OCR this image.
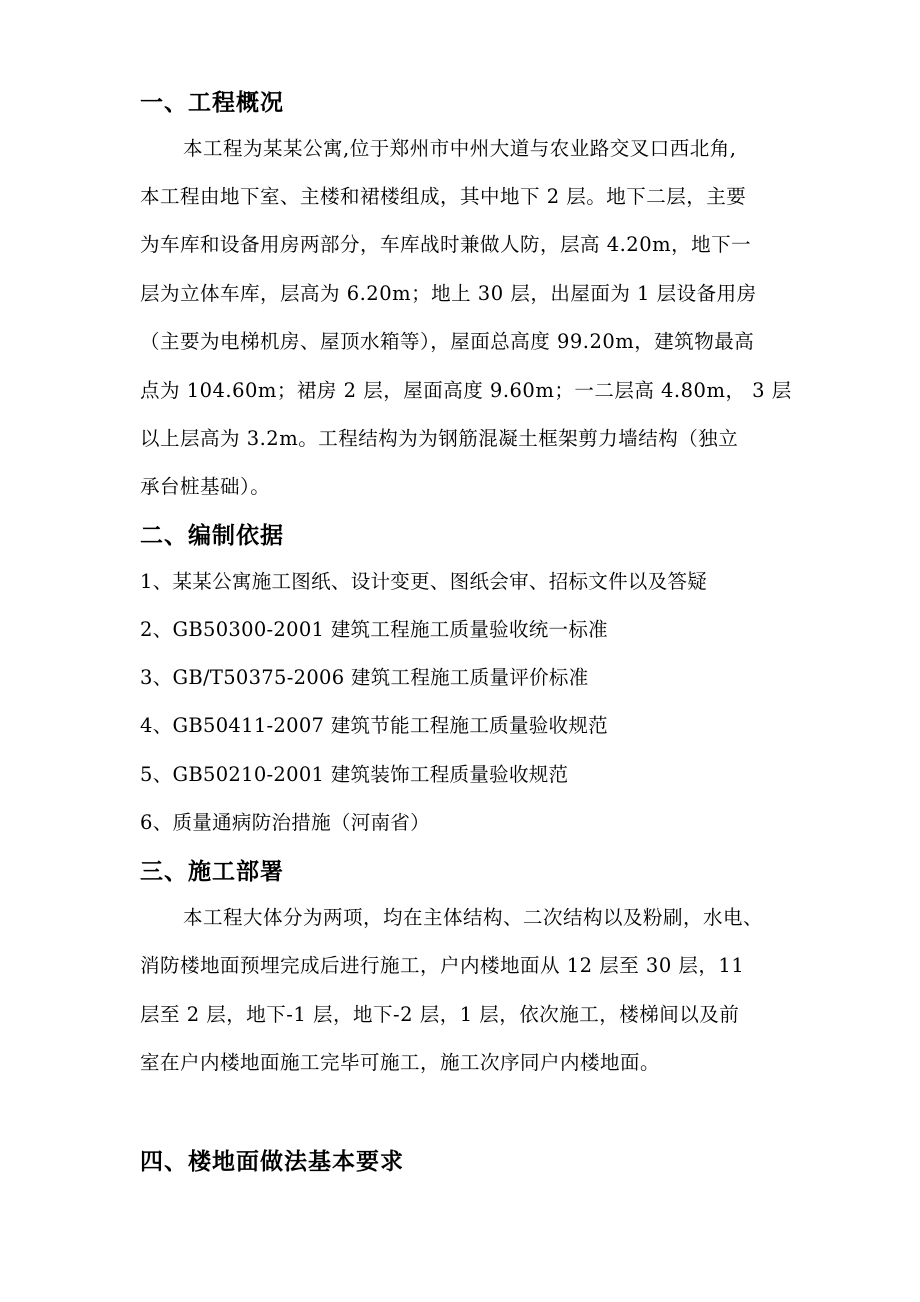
一、工程概况
本工程为某某公寓,位于郑州市中州大道与农业路交叉口西北角,
本工程由地下室、主楼和裙楼组成，其中地下 2 层。地下二层，主要
为车库和设备用房两部分，车库战时兼做人防，层高 4.20m，地下一
层为立体车库，层高为 6.20m；地上 30 层，出屋面为 1 层设备用房
（主要为电梯机房、屋顶水箱等），屋面总高度 99.20m，建筑物最高
点为 104.60m；裙房 2 层，屋面高度 9.60m；一二层高 4.80m， 3 层
以上层高为 3.2m。工程结构为为钢筋混凝土框架剪力墙结构（独立
承台桩基础）。
二、编制依据
1、某某公寓施工图纸、设计变更、图纸会审、招标文件以及答疑
2、GB50300-2001 建筑工程施工质量验收统一标准
3、GB/T50375-2006 建筑工程施工质量评价标准
4、GB50411-2007 建筑节能工程施工质量验收规范
5、GB50210-2001 建筑装饰工程质量验收规范
6、质量通病防治措施（河南省）
三、施工部署
本工程大体分为两项，均在主体结构、二次结构以及粉刷，水电、
消防楼地面预埋完成后进行施工，户内楼地面从 12 层至 30 层，11
层至 2 层，地下-1 层，地下-2 层，1 层，依次施工，楼梯间以及前
室在户内楼地面施工完毕可施工，施工次序同户内楼地面。
四、楼地面做法基本要求
